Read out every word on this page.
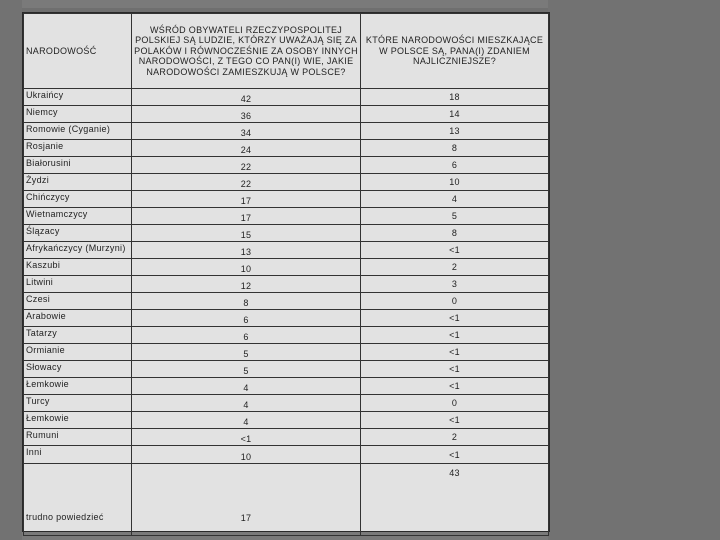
NARODOWOŚĆ	WŚRÓD OBYWATELI RZECZYPOSPOLITEJ POLSKIEJ SĄ LUDZIE, KTÓRZY UWAŻAJĄ SIĘ ZA POLAKÓW I RÓWNOCZEŚNIE ZA OSOBY INNYCH NARODOWOŚCI, Z TEGO CO PAN(I) WIE, JAKIE NARODOWOŚCI ZAMIESZKUJĄ W POLSCE?	KTÓRE NARODOWOŚCI MIESZKAJĄCE W POLSCE SĄ, PANA(I) ZDANIEM NAJLICZNIEJSZE?
Ukraińcy	42	18
Niemcy	36	14
Romowie (Cyganie)	34	13
Rosjanie	24	8
Białorusini	22	6
Żydzi	22	10
Chińczycy	17	4
Wietnamczycy	17	5
Ślązacy	15	8
Afrykańczycy (Murzyni)	13	<1
Kaszubi	10	2
Litwini	12	3
Czesi	8	0
Arabowie	6	<1
Tatarzy	6	<1
Ormianie	5	<1
Słowacy	5	<1
Łemkowie	4	<1
Turcy	4	0
Łemkowie	4	<1
Rumuni	<1	2
Inni	10	<1
trudno powiedzieć	17	43
